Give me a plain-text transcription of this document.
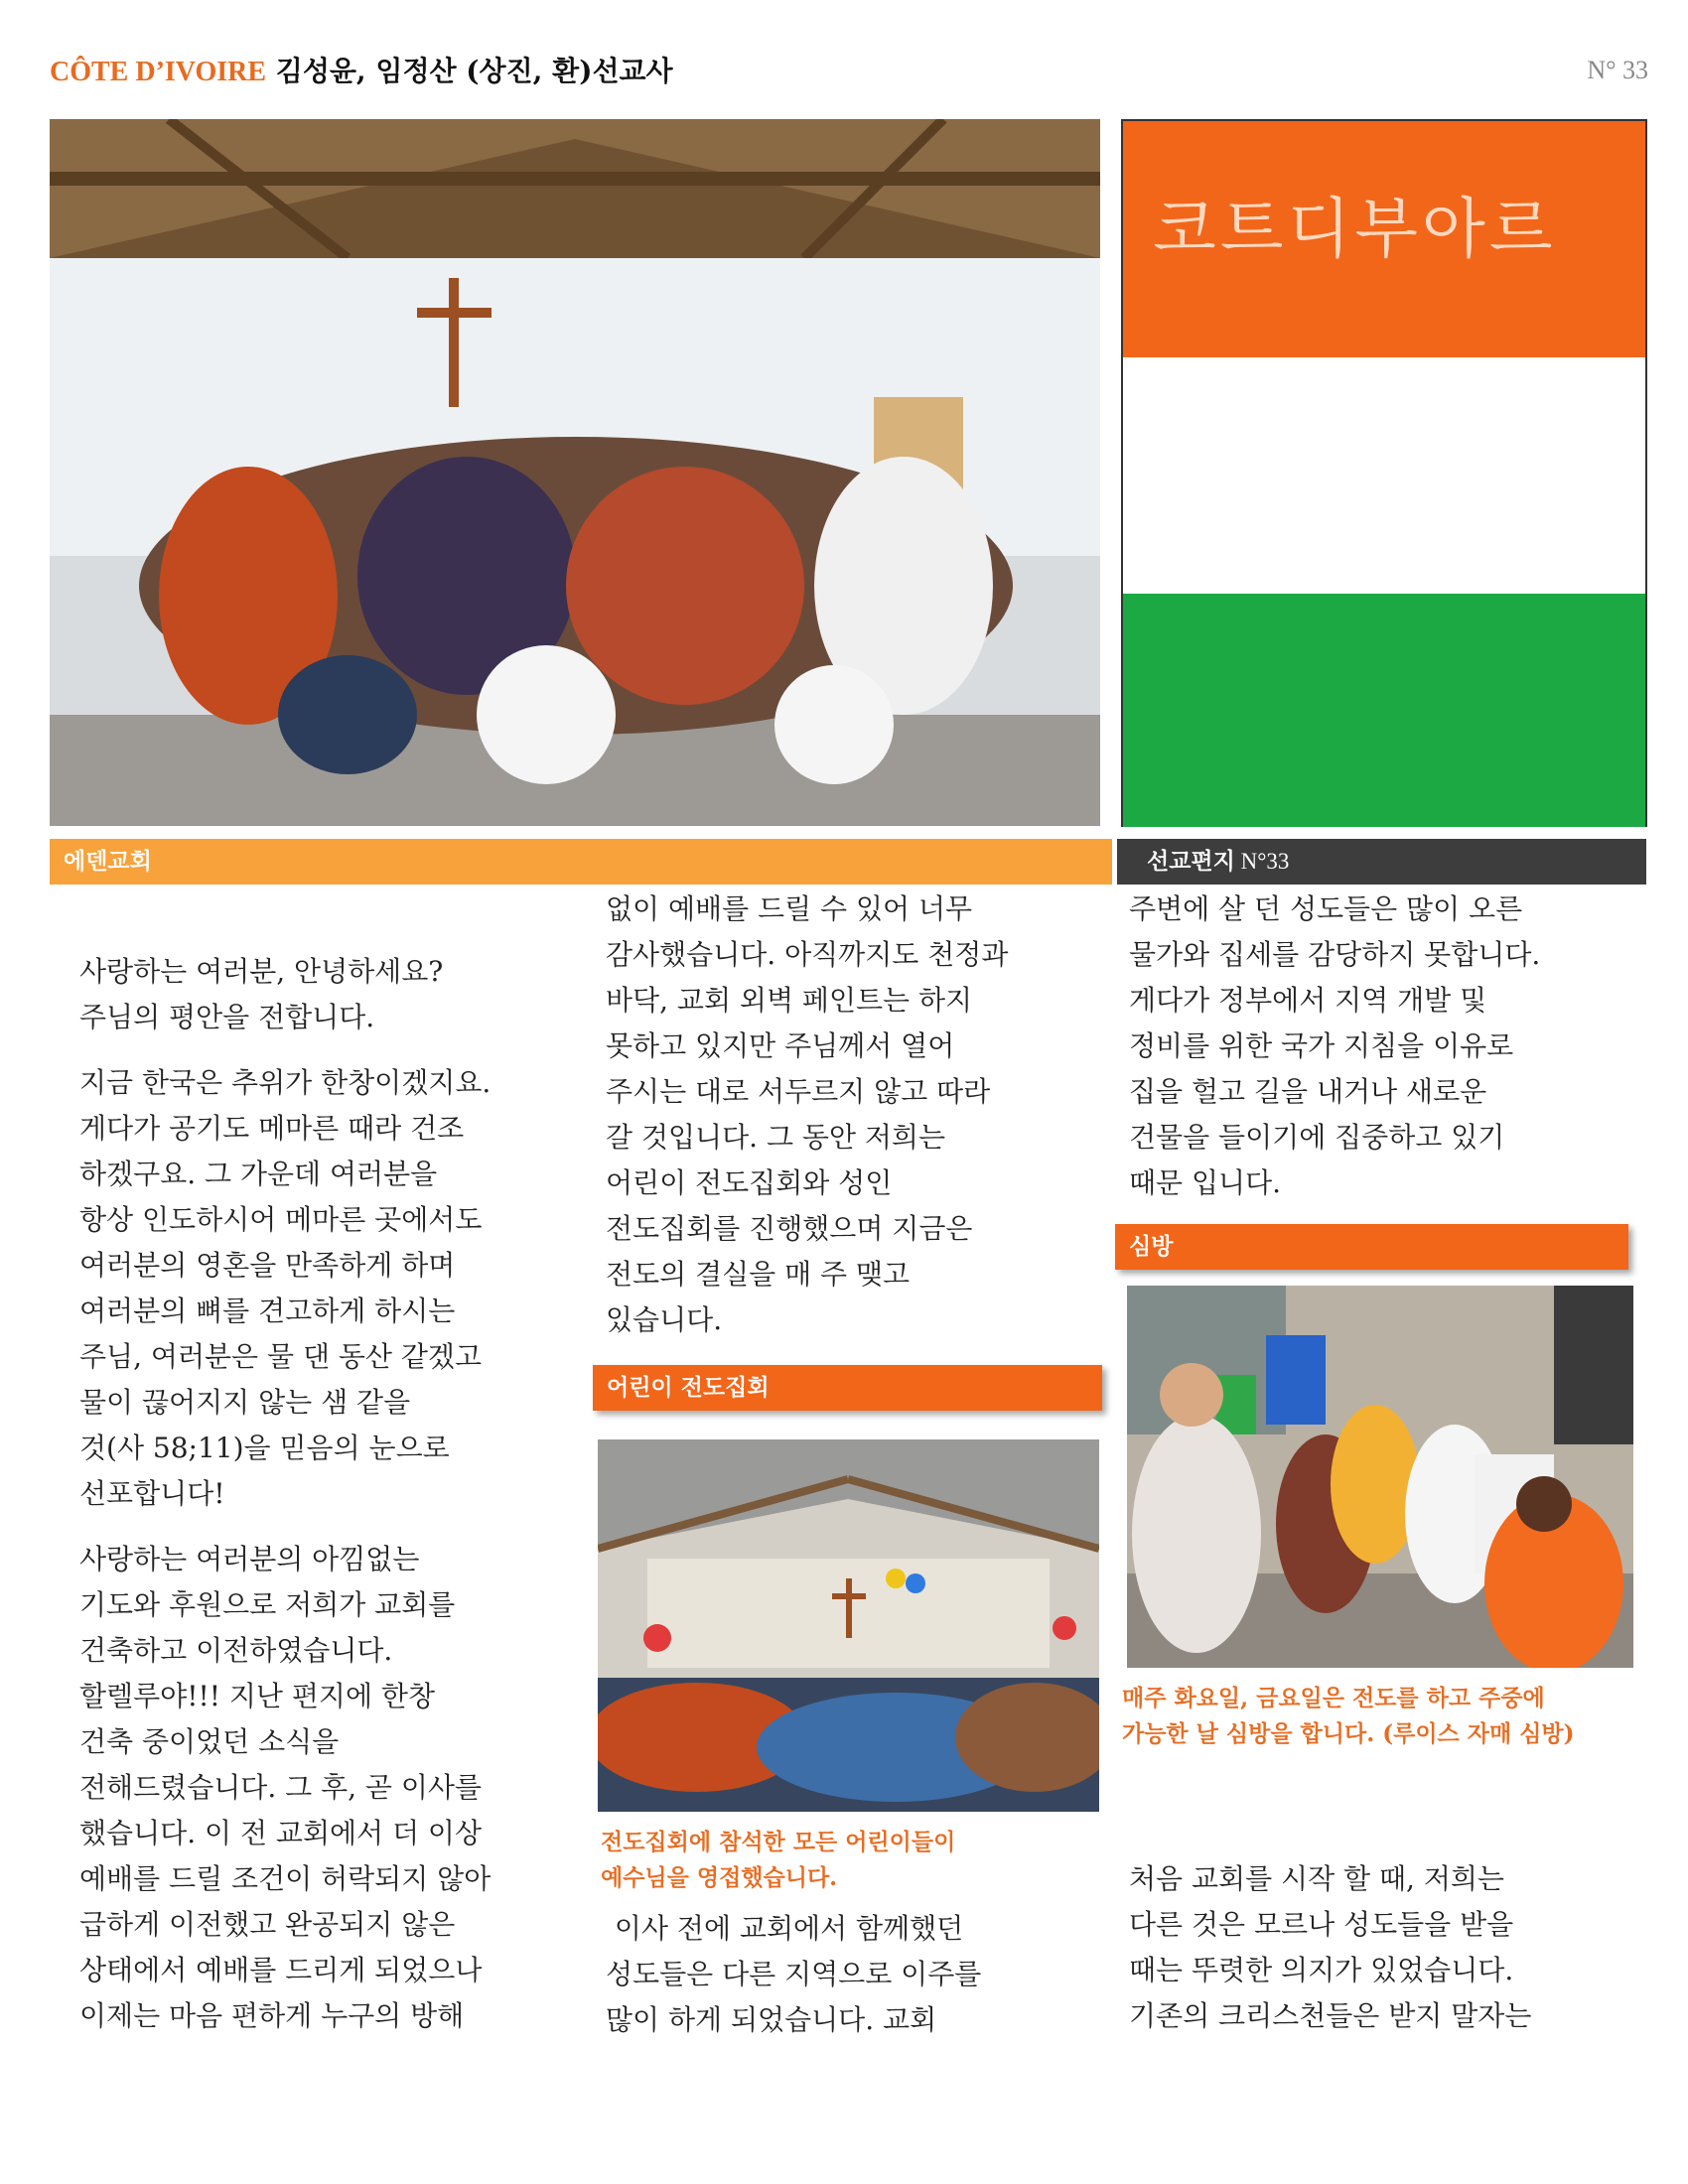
CÔTE D’IVOIRE 김성윤, 임정산 (상진, 환)선교사	N° 33
코트디부아르
에덴교회	선교편지 N°33

사랑하는 여러분, 안녕하세요?

주님의 평안을 전합니다.

지금 한국은 추위가 한창이겠지요.

게다가 공기도 메마른 때라 건조

하겠구요. 그 가운데 여러분을

항상 인도하시어 메마른 곳에서도

여러분의 영혼을 만족하게 하며

여러분의 뼈를 견고하게 하시는

주님, 여러분은 물 댄 동산 같겠고

물이 끊어지지 않는 샘 같을

것(사 58;11)을 믿음의 눈으로

선포합니다!

사랑하는 여러분의 아낌없는

기도와 후원으로 저희가 교회를

건축하고 이전하였습니다.

할렐루야!!! 지난 편지에 한창

건축 중이었던 소식을

전해드렸습니다. 그 후, 곧 이사를

했습니다. 이 전 교회에서 더 이상

예배를 드릴 조건이 허락되지 않아

급하게 이전했고 완공되지 않은

상태에서 예배를 드리게 되었으나

이제는 마음 편하게 누구의 방해

없이 예배를 드릴 수 있어 너무

감사했습니다. 아직까지도 천정과

바닥, 교회 외벽 페인트는 하지

못하고 있지만 주님께서 열어

주시는 대로 서두르지 않고 따라

갈 것입니다. 그 동안 저희는

어린이 전도집회와 성인

전도집회를 진행했으며 지금은

전도의 결실을 매 주 맺고

있습니다.

어린이 전도집회

전도집회에 참석한 모든 어린이들이

예수님을 영접했습니다.

이사 전에 교회에서 함께했던

성도들은 다른 지역으로 이주를

많이 하게 되었습니다. 교회

주변에 살 던 성도들은 많이 오른

물가와 집세를 감당하지 못합니다.

게다가 정부에서 지역 개발 및

정비를 위한 국가 지침을 이유로

집을 헐고 길을 내거나 새로운

건물을 들이기에 집중하고 있기

때문 입니다.

심방

매주 화요일, 금요일은 전도를 하고 주중에

가능한 날 심방을 합니다. (루이스 자매 심방)

처음 교회를 시작 할 때, 저희는

다른 것은 모르나 성도들을 받을

때는 뚜렷한 의지가 있었습니다.

기존의 크리스천들은 받지 말자는
